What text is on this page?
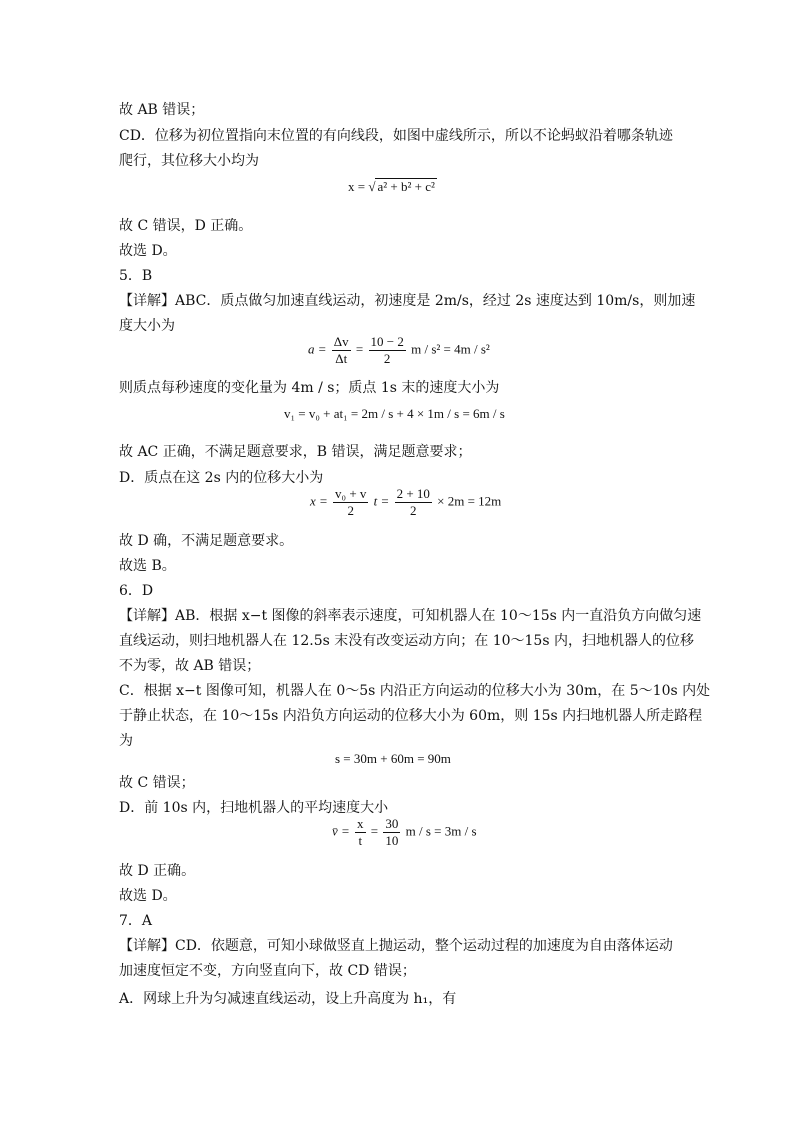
故 AB 错误；
CD．位移为初位置指向末位置的有向线段，如图中虚线所示，所以不论蚂蚁沿着哪条轨迹
爬行，其位移大小均为
x = √ a² + b² + c²
故 C 错误，D 正确。
故选 D。
5．B
【详解】ABC．质点做匀加速直线运动，初速度是 2m/s，经过 2s 速度达到 10m/s，则加速
度大小为
$a = \frac{\Delta v}{\Delta t} = \frac{10 - 2}{2}$ m / s² = 4m / s²
则质点每秒速度的变化量为 4m / s；质点 1s 末的速度大小为
v₁ = v₀ + at₁ = 2m / s + 4 × 1m / s = 6m / s
故 AC 正确，不满足题意要求，B 错误，满足题意要求；
D．质点在这 2s 内的位移大小为
$x = \frac{\text{v₀ + v}}{2}$ $t = \frac{2 + 10}{2} \times 2m = 12m$
故 D 确，不满足题意要求。
故选 B。
6．D
【详解】AB．根据 x−t 图像的斜率表示速度，可知机器人在 10～15s 内一直沿负方向做匀速
直线运动，则扫地机器人在 12.5s 末没有改变运动方向；在 10～15s 内，扫地机器人的位移
不为零，故 AB 错误；
C．根据 x−t 图像可知，机器人在 0～5s 内沿正方向运动的位移大小为 30m，在 5～10s 内处
于静止状态，在 10～15s 内沿负方向运动的位移大小为 60m，则 15s 内扫地机器人所走路程
为
s = 30m + 60m = 90m
故 C 错误；
D．前 10s 内，扫地机器人的平均速度大小
v̄ = $\frac{x}{t} = \frac{30}{10}$ m / s = 3m / s
故 D 正确。
故选 D。
7．A
【详解】CD．依题意，可知小球做竖直上抛运动，整个运动过程的加速度为自由落体运动
加速度恒定不变，方向竖直向下，故 CD 错误；
A．网球上升为匀减速直线运动，设上升高度为 h₁，有
